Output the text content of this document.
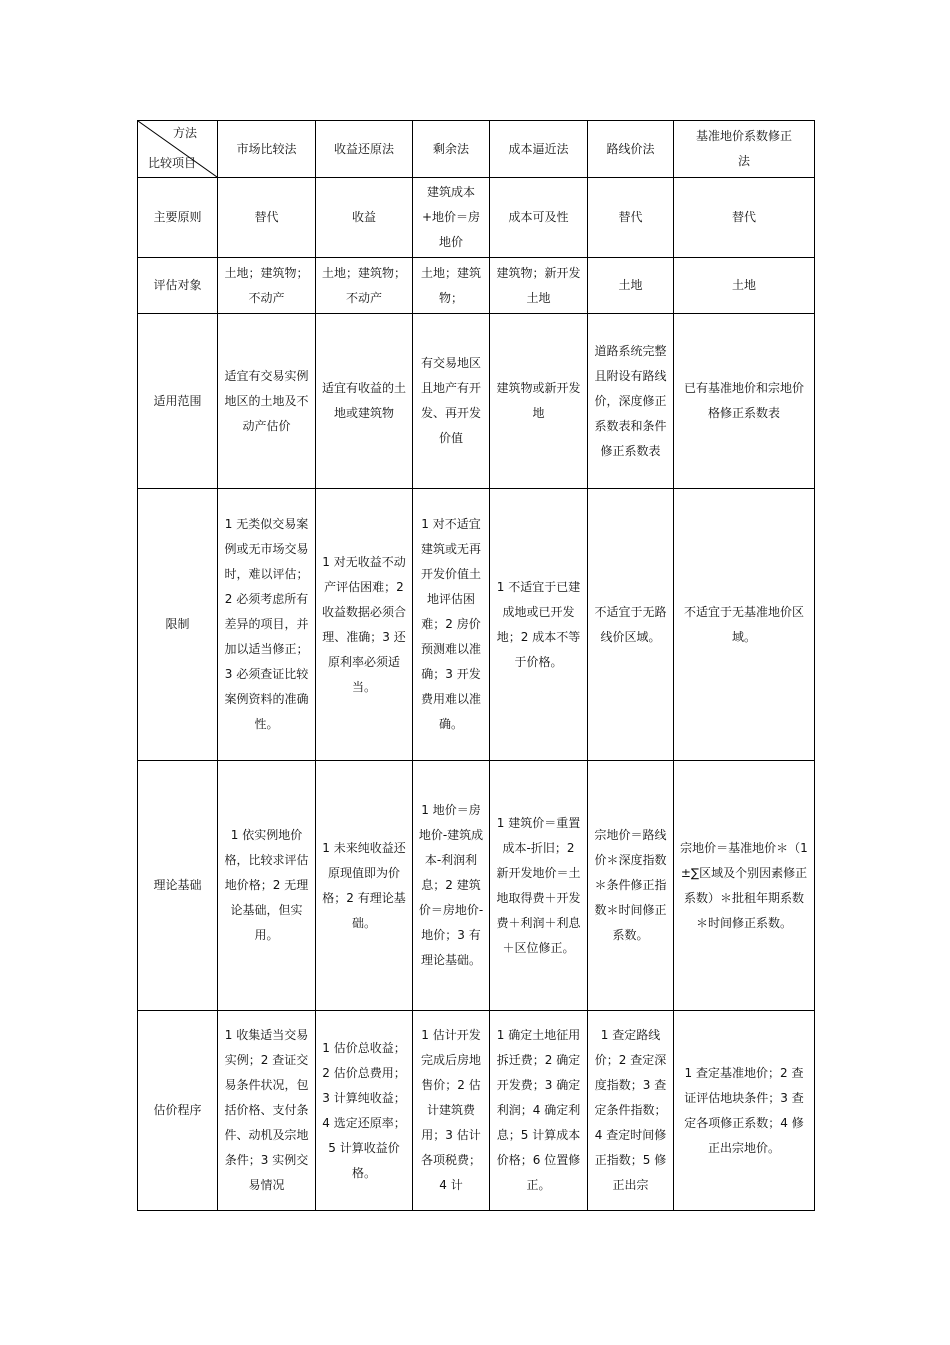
方法
比较项目	市场比较法	收益还原法	剩余法	成本逼近法	路线价法	基准地价系数修正法
主要原则	替代	收益	建筑成本+地价＝房地价	成本可及性	替代	替代
评估对象	土地；建筑物；不动产	土地；建筑物；不动产	土地；建筑物；	建筑物；新开发土地	土地	土地
适用范围	适宜有交易实例地区的土地及不动产估价	适宜有收益的土地或建筑物	有交易地区且地产有开发、再开发价值	建筑物或新开发地	道路系统完整且附设有路线价，深度修正系数表和条件修正系数表	已有基准地价和宗地价格修正系数表
限制	1 无类似交易案例或无市场交易时，难以评估；2 必须考虑所有差异的项目，并加以适当修正；3 必须查证比较案例资料的准确性。	1 对无收益不动产评估困难；2 收益数据必须合理、准确；3 还原利率必须适当。	1 对不适宜建筑或无再开发价值土地评估困难；2 房价预测难以准确；3 开发费用难以准确。	1 不适宜于已建成地或已开发地；2 成本不等于价格。	不适宜于无路线价区域。	不适宜于无基准地价区域。
理论基础	1 依实例地价格，比较求评估地价格；2 无理论基础，但实用。	1 未来纯收益还原现值即为价格；2 有理论基础。	1 地价＝房地价-建筑成本-利润利息；2 建筑价＝房地价-地价；3 有理论基础。	1 建筑价＝重置成本-折旧；2 新开发地价＝土地取得费＋开发费＋利润＋利息＋区位修正。	宗地价＝路线价＊深度指数＊条件修正指数＊时间修正系数。	宗地价＝基准地价＊（1±∑区域及个别因素修正系数）＊批租年期系数＊时间修正系数。
估价程序	1 收集适当交易实例；2 查证交易条件状况，包括价格、支付条件、动机及宗地条件；3 实例交易情况	1 估价总收益；2 估价总费用；3 计算纯收益；4 选定还原率；5 计算收益价格。	1 估计开发完成后房地售价；2 估计建筑费用；3 估计各项税费；4 计	1 确定土地征用拆迁费；2 确定开发费；3 确定利润；4 确定利息；5 计算成本价格；6 位置修正。	1 查定路线价；2 查定深度指数；3 查定条件指数；4 查定时间修正指数；5 修正出宗	1 查定基准地价；2 查证评估地块条件；3 查定各项修正系数；4 修正出宗地价。
